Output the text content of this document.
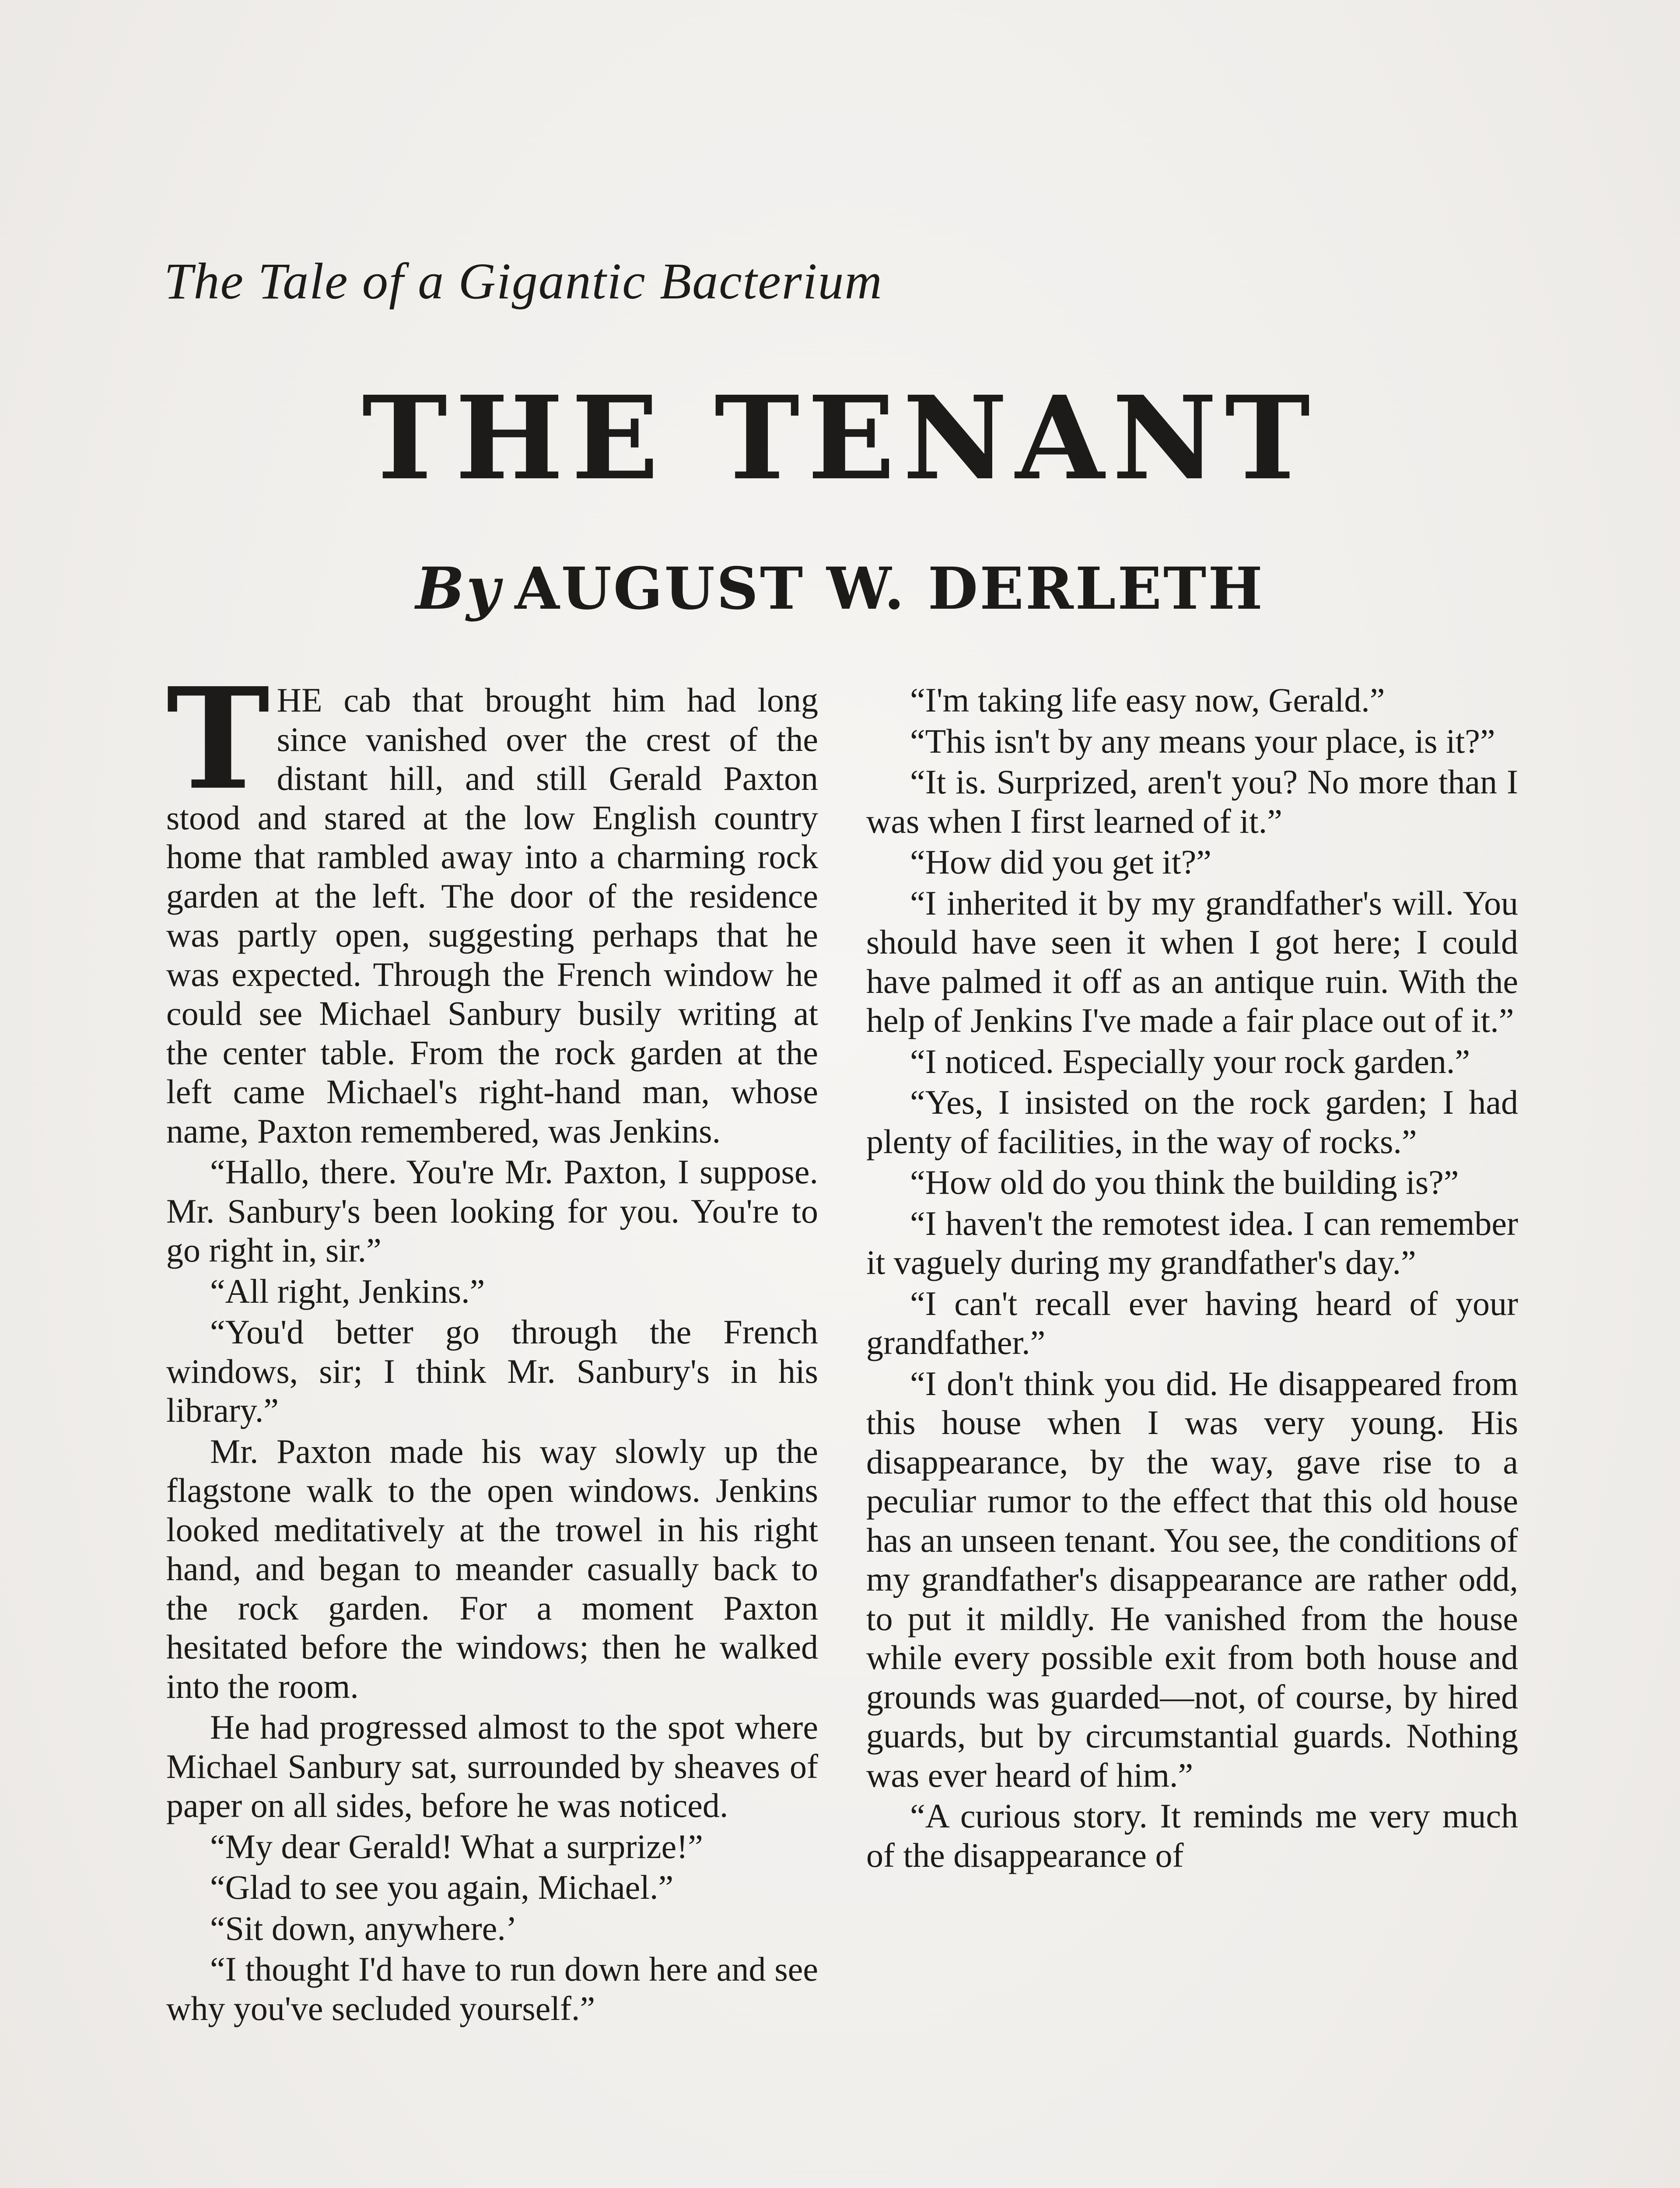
The Tale of a Gigantic Bacterium
THE TENANT
By AUGUST W. DERLETH

THE cab that brought him had long since vanished over the crest of the distant hill, and still Gerald Paxton stood and stared at the low English country home that rambled away into a charming rock garden at the left. The door of the residence was partly open, suggesting perhaps that he was expected. Through the French window he could see Michael Sanbury busily writing at the center table. From the rock garden at the left came Michael's right-hand man, whose name, Paxton remembered, was Jenkins.

“Hallo, there. You're Mr. Paxton, I suppose. Mr. Sanbury's been looking for you. You're to go right in, sir.”

“All right, Jenkins.”

“You'd better go through the French windows, sir; I think Mr. Sanbury's in his library.”

Mr. Paxton made his way slowly up the flagstone walk to the open windows. Jenkins looked meditatively at the trowel in his right hand, and began to meander casually back to the rock garden. For a moment Paxton hesitated before the windows; then he walked into the room.

He had progressed almost to the spot where Michael Sanbury sat, surrounded by sheaves of paper on all sides, before he was noticed.

“My dear Gerald! What a surprize!”

“Glad to see you again, Michael.”

“Sit down, anywhere.’

“I thought I'd have to run down here and see why you've secluded yourself.”

“I'm taking life easy now, Gerald.”

“This isn't by any means your place, is it?”

“It is. Surprized, aren't you? No more than I was when I first learned of it.”

“How did you get it?”

“I inherited it by my grandfather's will. You should have seen it when I got here; I could have palmed it off as an antique ruin. With the help of Jenkins I've made a fair place out of it.”

“I noticed. Especially your rock garden.”

“Yes, I insisted on the rock garden; I had plenty of facilities, in the way of rocks.”

“How old do you think the building is?”

“I haven't the remotest idea. I can remember it vaguely during my grandfather's day.”

“I can't recall ever having heard of your grandfather.”

“I don't think you did. He disappeared from this house when I was very young. His disappearance, by the way, gave rise to a peculiar rumor to the effect that this old house has an unseen tenant. You see, the conditions of my grandfather's disappearance are rather odd, to put it mildly. He vanished from the house while every possible exit from both house and grounds was guarded—not, of course, by hired guards, but by circumstantial guards. Nothing was ever heard of him.”

“A curious story. It reminds me very much of the disappearance of
